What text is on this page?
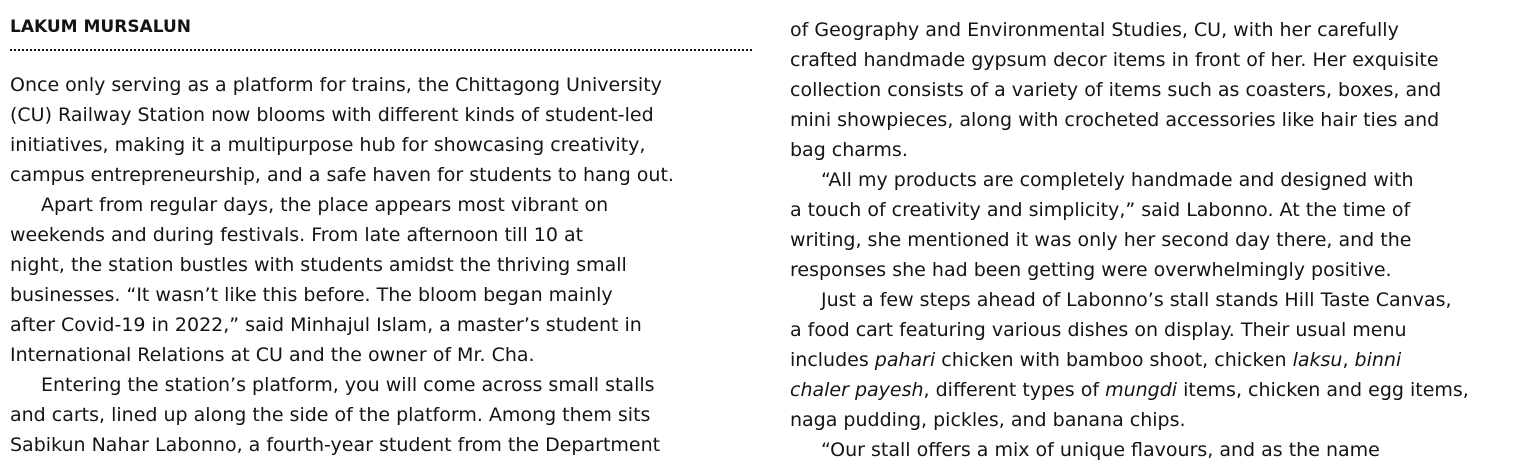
LAKUM MURSALUN
Once only serving as a platform for trains, the Chittagong University
(CU) Railway Station now blooms with different kinds of student-led
initiatives, making it a multipurpose hub for showcasing creativity,
campus entrepreneurship, and a safe haven for students to hang out.
Apart from regular days, the place appears most vibrant on
weekends and during festivals. From late afternoon till 10 at
night, the station bustles with students amidst the thriving small
businesses. “It wasn’t like this before. The bloom began mainly
after Covid-19 in 2022,” said Minhajul Islam, a master’s student in
International Relations at CU and the owner of Mr. Cha.
Entering the station’s platform, you will come across small stalls
and carts, lined up along the side of the platform. Among them sits
Sabikun Nahar Labonno, a fourth-year student from the Department
of Geography and Environmental Studies, CU, with her carefully
crafted handmade gypsum decor items in front of her. Her exquisite
collection consists of a variety of items such as coasters, boxes, and
mini showpieces, along with crocheted accessories like hair ties and
bag charms.
“All my products are completely handmade and designed with
a touch of creativity and simplicity,” said Labonno. At the time of
writing, she mentioned it was only her second day there, and the
responses she had been getting were overwhelmingly positive.
Just a few steps ahead of Labonno’s stall stands Hill Taste Canvas,
a food cart featuring various dishes on display. Their usual menu
includes pahari chicken with bamboo shoot, chicken laksu, binni
chaler payesh, different types of mungdi items, chicken and egg items,
naga pudding, pickles, and banana chips.
“Our stall offers a mix of unique flavours, and as the name
